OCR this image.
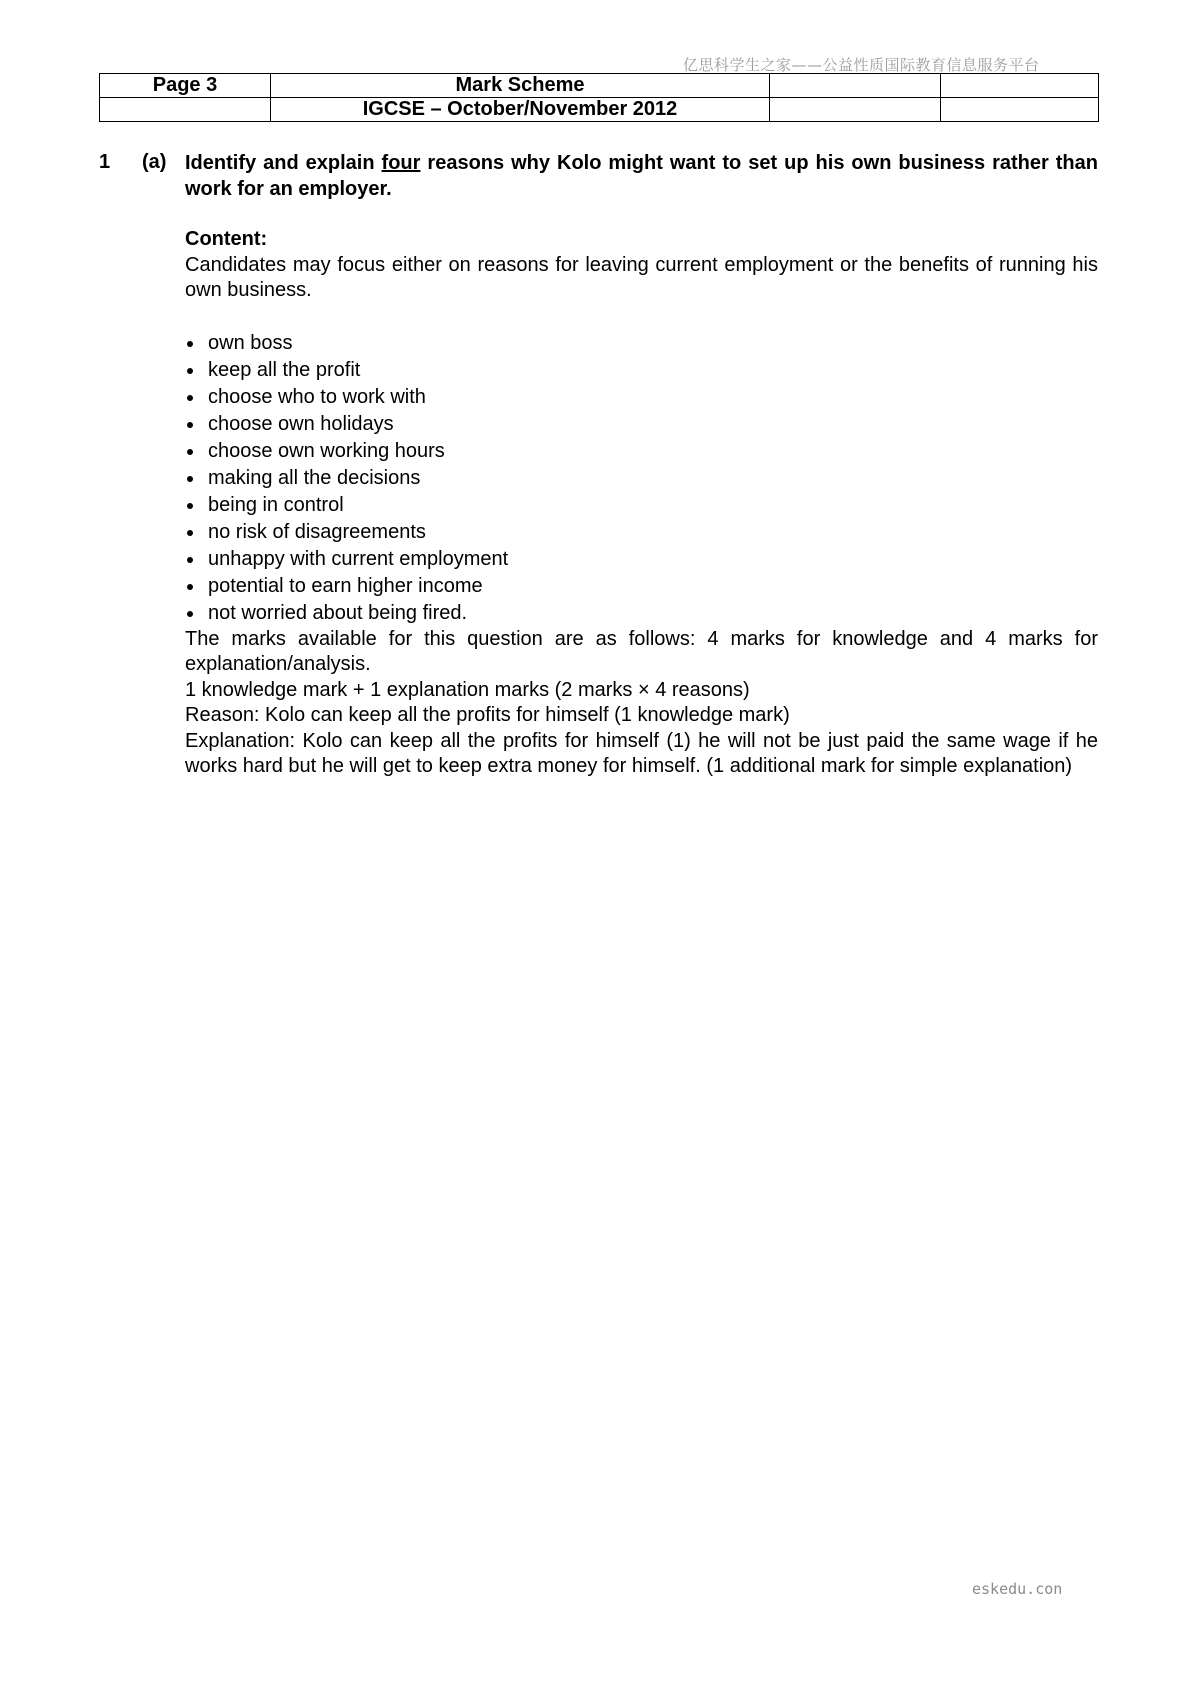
亿思科学生之家——公益性质国际教育信息服务平台
Page 3	Mark Scheme		
	IGCSE – October/November 2012		
1 (a) Identify and explain four reasons why Kolo might want to set up his own business rather than work for an employer.

Content:

Candidates may focus either on reasons for leaving current employment or the benefits of running his own business.

own boss
keep all the profit
choose who to work with
choose own holidays
choose own working hours
making all the decisions
being in control
no risk of disagreements
unhappy with current employment
potential to earn higher income
not worried about being fired.

The marks available for this question are as follows: 4 marks for knowledge and 4 marks for explanation/analysis.

1 knowledge mark + 1 explanation marks (2 marks × 4 reasons)

Reason: Kolo can keep all the profits for himself (1 knowledge mark)

Explanation: Kolo can keep all the profits for himself (1) he will not be just paid the same wage if he works hard but he will get to keep extra money for himself. (1 additional mark for simple explanation)

eskedu.con
